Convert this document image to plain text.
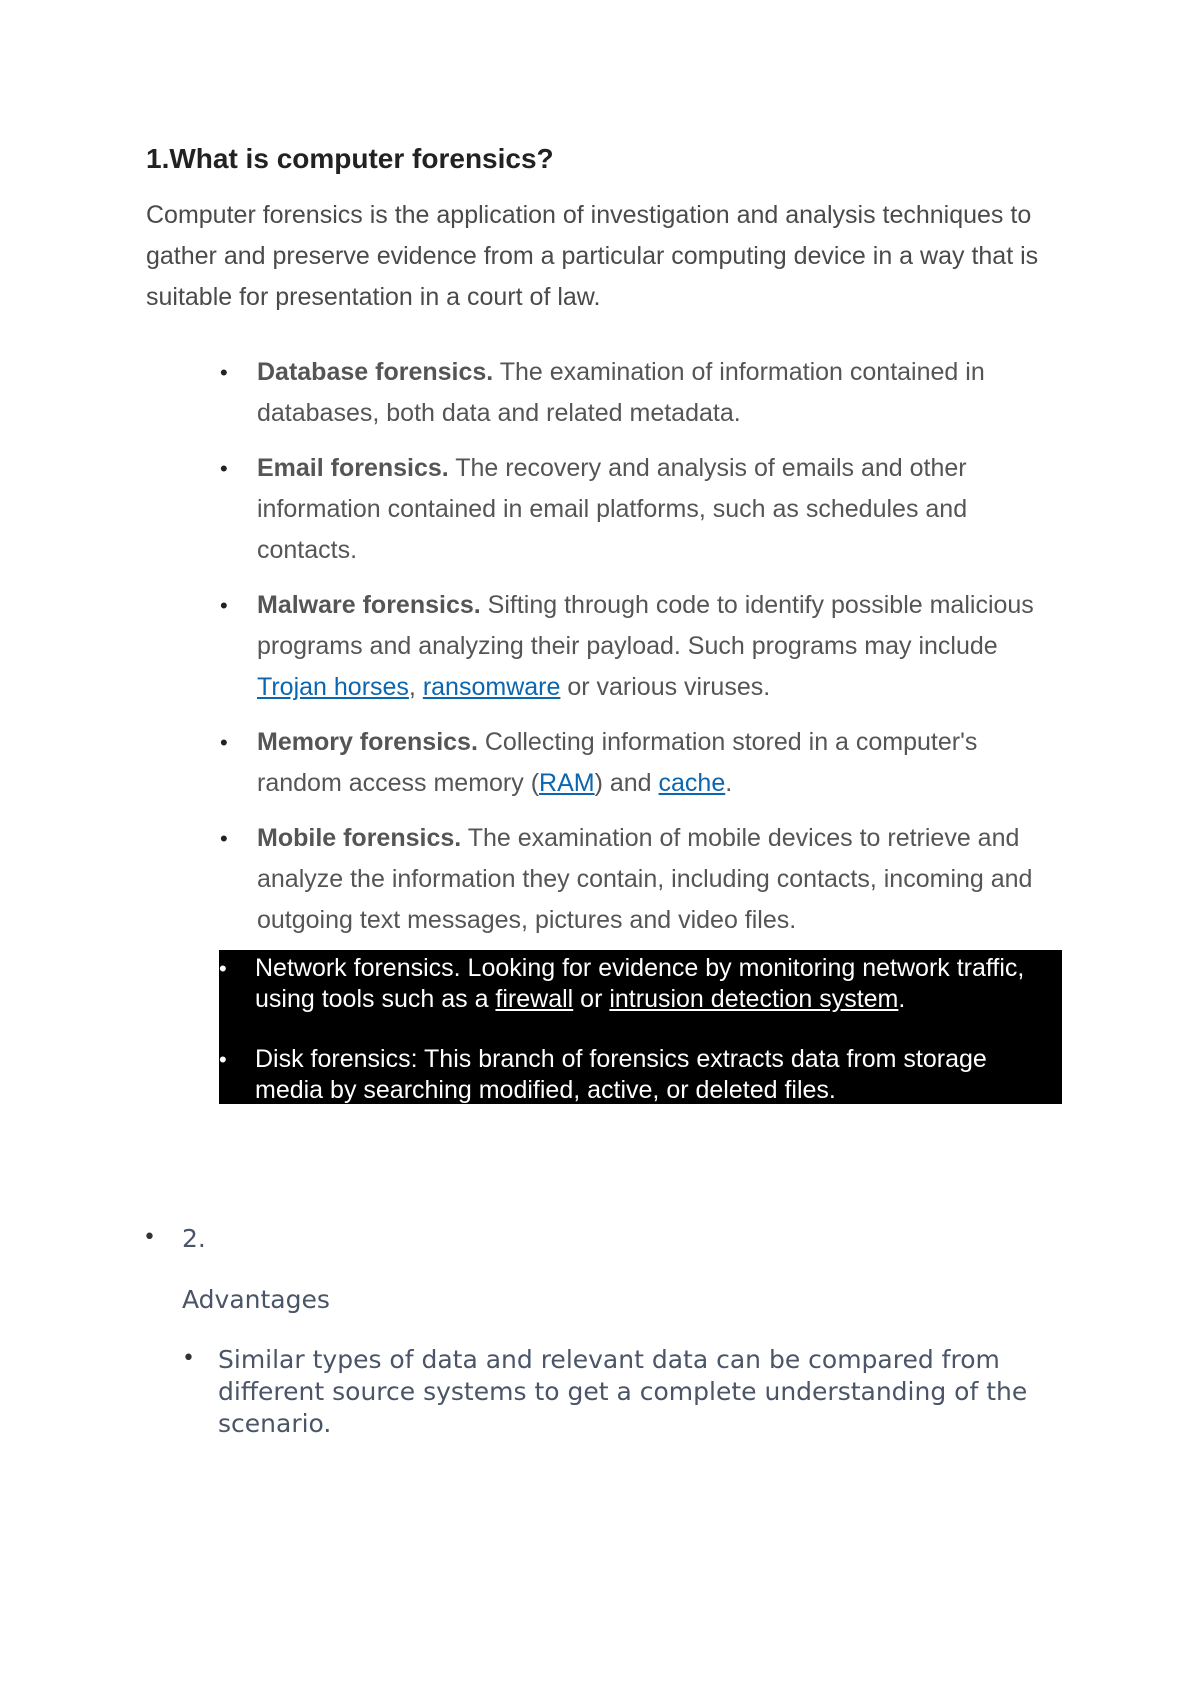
1.What is computer forensics?

Computer forensics is the application of investigation and analysis techniques to gather and preserve evidence from a particular computing device in a way that is suitable for presentation in a court of law.

• Database forensics. The examination of information contained in databases, both data and related metadata.
• Email forensics. The recovery and analysis of emails and other information contained in email platforms, such as schedules and contacts.
• Malware forensics. Sifting through code to identify possible malicious programs and analyzing their payload. Such programs may include Trojan horses, ransomware or various viruses.
• Memory forensics. Collecting information stored in a computer's random access memory (RAM) and cache.
• Mobile forensics. The examination of mobile devices to retrieve and analyze the information they contain, including contacts, incoming and outgoing text messages, pictures and video files.
• Network forensics. Looking for evidence by monitoring network traffic, using tools such as a firewall or intrusion detection system.
• Disk forensics: This branch of forensics extracts data from storage media by searching modified, active, or deleted files.
• 2.
Advantages
• Similar types of data and relevant data can be compared from different source systems to get a complete understanding of the scenario.
